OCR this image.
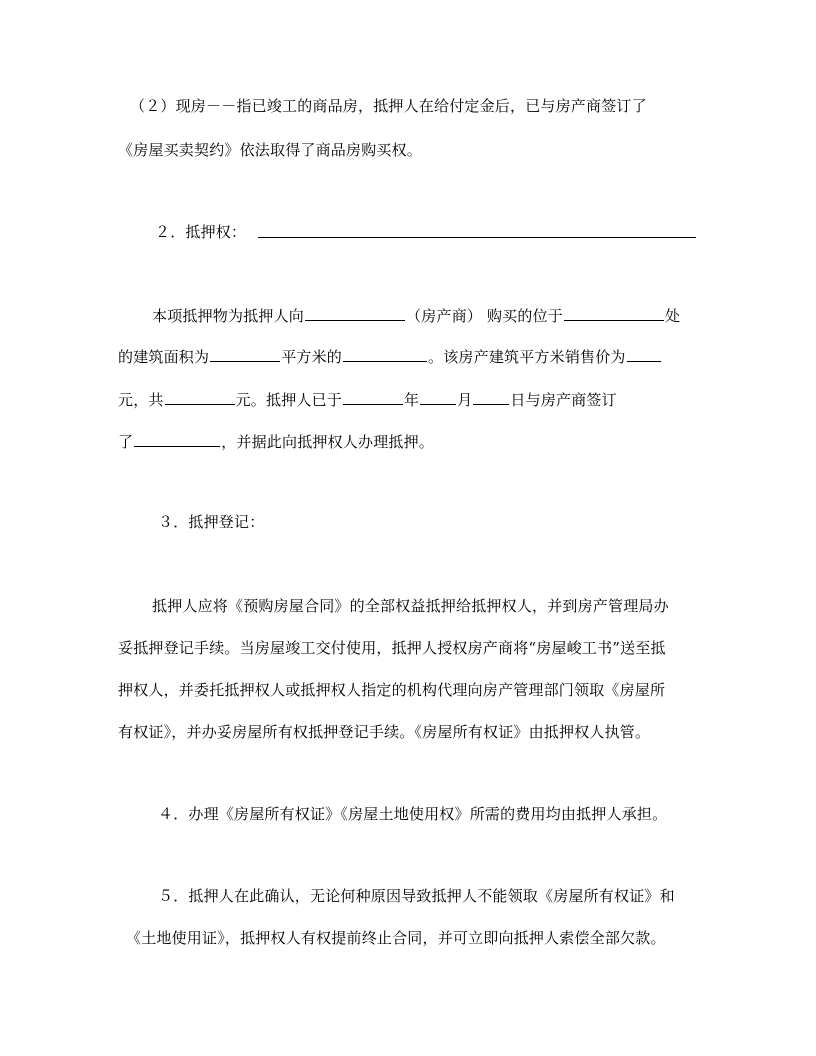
（２）现房－－指已竣工的商品房，抵押人在给付定金后，已与房产商签订了
《房屋买卖契约》依法取得了商品房购买权。
２．抵押权：
本项抵押物为抵押人向	（房产商） 购买的位于	处
的建筑面积为	平方米的	。该房产建筑平方米销售价为
元，共	元。抵押人已于	年	月	日与房产商签订
了	，并据此向抵押权人办理抵押。
３．抵押登记：
抵押人应将《预购房屋合同》的全部权益抵押给抵押权人，并到房产管理局办
妥抵押登记手续。当房屋竣工交付使用，抵押人授权房产商将“房屋峻工书”送至抵
押权人，并委托抵押权人或抵押权人指定的机构代理向房产管理部门领取《房屋所
有权证》，并办妥房屋所有权抵押登记手续。《房屋所有权证》由抵押权人执管。
４．办理《房屋所有权证》《房屋土地使用权》所需的费用均由抵押人承担。
５．抵押人在此确认，无论何种原因导致抵押人不能领取《房屋所有权证》和
《土地使用证》，抵押权人有权提前终止合同，并可立即向抵押人索偿全部欠款。
